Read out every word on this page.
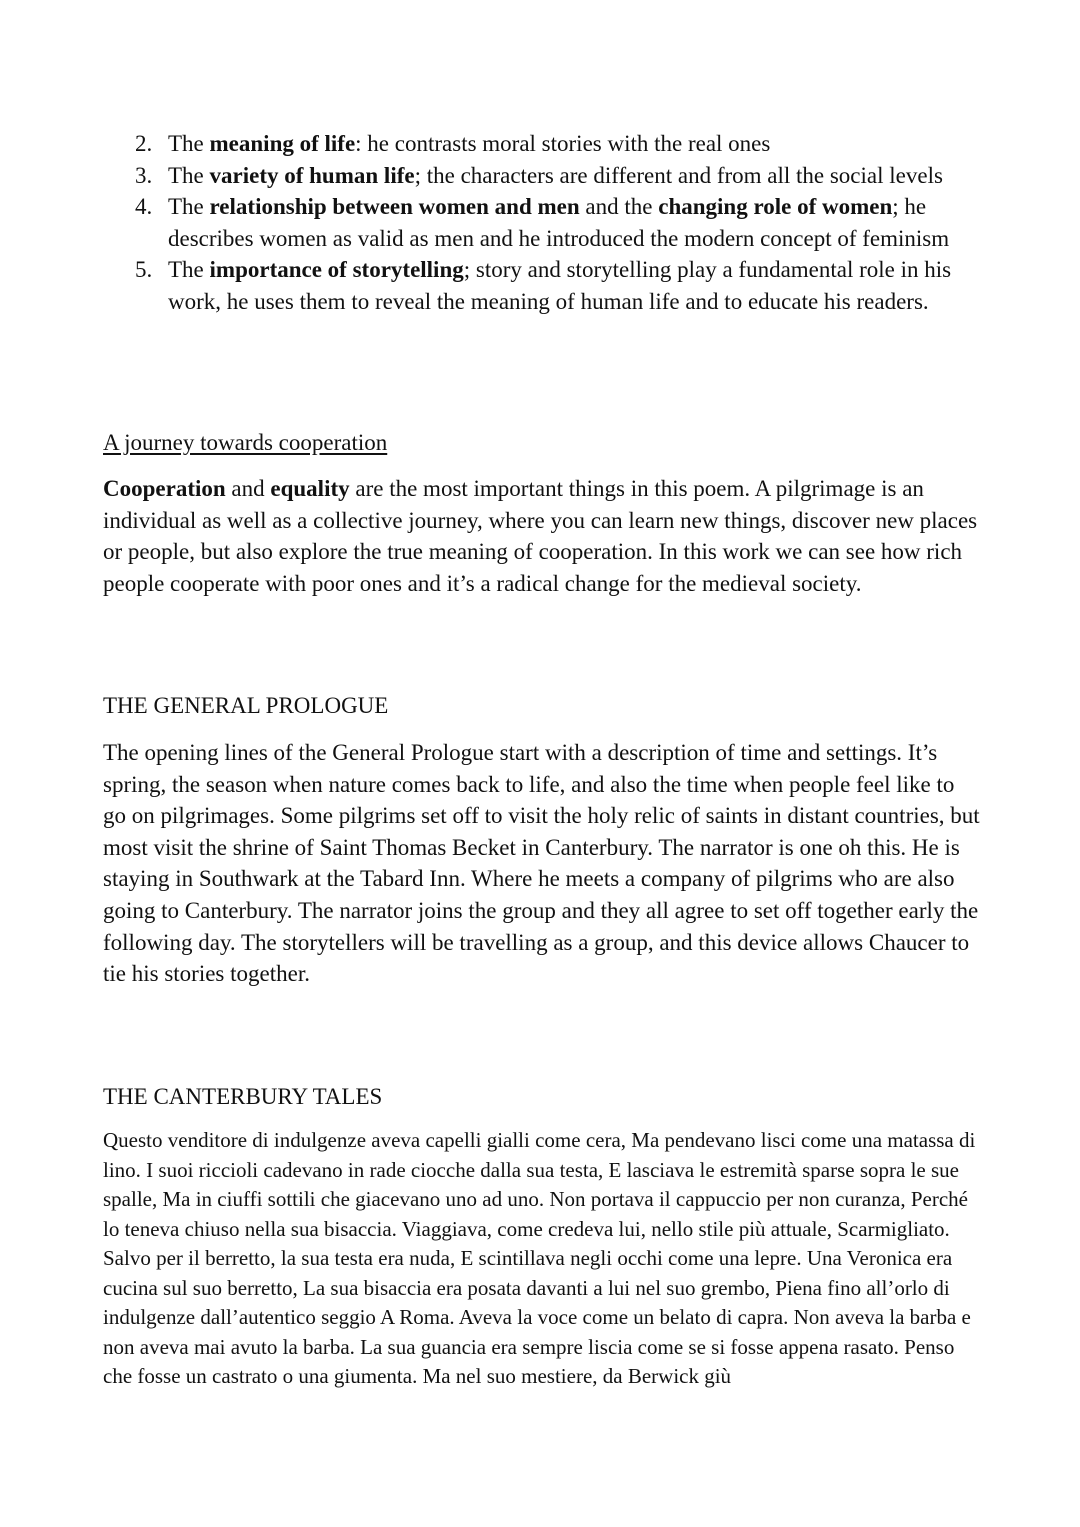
2. The meaning of life: he contrasts moral stories with the real ones
3. The variety of human life; the characters are different and from all the social levels
4. The relationship between women and men and the changing role of women; he describes women as valid as men and he introduced the modern concept of feminism
5. The importance of storytelling; story and storytelling play a fundamental role in his work, he uses them to reveal the meaning of human life and to educate his readers.
A journey towards cooperation
Cooperation and equality are the most important things in this poem. A pilgrimage is an individual as well as a collective journey, where you can learn new things, discover new places or people, but also explore the true meaning of cooperation. In this work we can see how rich people cooperate with poor ones and it’s a radical change for the medieval society.
THE GENERAL PROLOGUE
The opening lines of the General Prologue start with a description of time and settings. It’s spring, the season when nature comes back to life, and also the time when people feel like to go on pilgrimages. Some pilgrims set off to visit the holy relic of saints in distant countries, but most visit the shrine of Saint Thomas Becket in Canterbury. The narrator is one oh this. He is staying in Southwark at the Tabard Inn. Where he meets a company of pilgrims who are also going to Canterbury. The narrator joins the group and they all agree to set off together early the following day. The storytellers will be travelling as a group, and this device allows Chaucer to tie his stories together.
THE CANTERBURY TALES
Questo venditore di indulgenze aveva capelli gialli come cera, Ma pendevano lisci come una matassa di lino. I suoi riccioli cadevano in rade ciocche dalla sua testa, E lasciava le estremità sparse sopra le sue spalle, Ma in ciuffi sottili che giacevano uno ad uno. Non portava il cappuccio per non curanza, Perché lo teneva chiuso nella sua bisaccia. Viaggiava, come credeva lui, nello stile più attuale, Scarmigliato. Salvo per il berretto, la sua testa era nuda, E scintillava negli occhi come una lepre. Una Veronica era cucina sul suo berretto, La sua bisaccia era posata davanti a lui nel suo grembo, Piena fino all’orlo di indulgenze dall’autentico seggio A Roma. Aveva la voce come un belato di capra. Non aveva la barba e non aveva mai avuto la barba. La sua guancia era sempre liscia come se si fosse appena rasato. Penso che fosse un castrato o una giumenta. Ma nel suo mestiere, da Berwick giù
